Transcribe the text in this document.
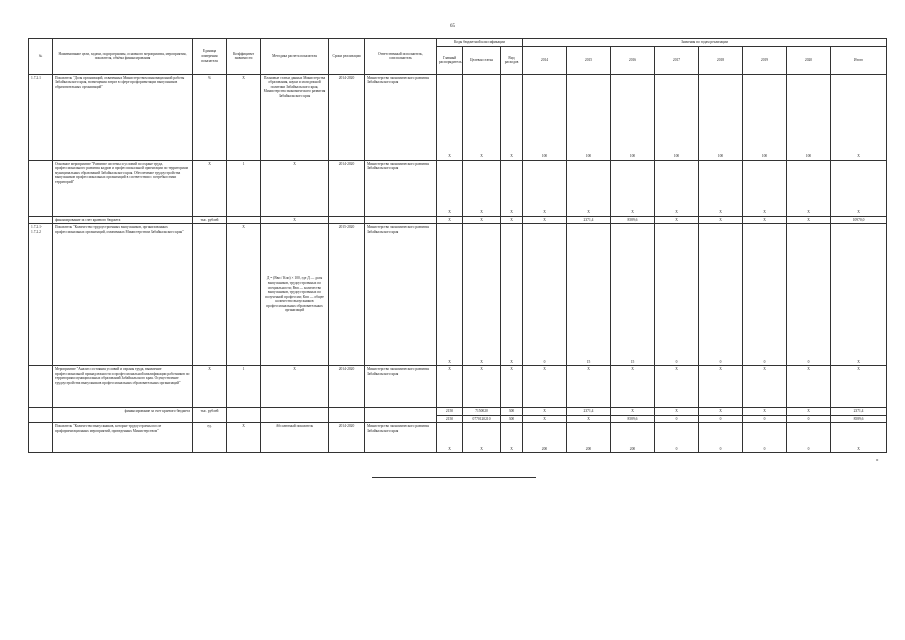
65
№	Наименование цели, задачи, подпрограммы, основного мероприятия, мероприятия, показателя, объёма финансирования	Единица измерения показателя	Коэффициент значимости	Методика расчета показателя	Сроки реализации	Ответственный исполнитель, соисполнитель	Коды бюджетной классификации			Значения по годам реализации							
							Главный распорядитель	Целевая статья	Вид расходов	2014	2015	2016	2017	2018	2019	2020	Итого
1.7.2.1	Показатель "Доля организаций, охваченных Министерством инновационной работы Забайкальского края, возмещения затрат в сфере профориентации выпускников образовательных организаций"	%	X	Плановые статьи данных Министерства образования, науки и молодежной политики Забайкальского края, Министерства экономического развития Забайкальского края	2014-2020	Министерство экономического развития Забайкальского края	X	X	X	100	100	100	100	100	100	100	X
	Основное мероприятие "Развитие системы и условий по охране труда, профессионального развития кадров и профессиональной ориентации по территориям муниципальных образований Забайкальского края. Обеспечение трудоустройства выпускников профессиональных организаций в соответствии с потребностями территорий"	X	1	X	2014-2020	Министерство экономического развития Забайкальского края	X	X	X	X	X	X	X	X	X	X	X
	финансирование за счет краевого бюджета	тыс. рублей		X			X	X	X	X	2371,4	8589,6	X	X	X	X	10970,0
1.7.2.1-1.7.2.2	Показатель "Количество трудоустроенных выпускников, организованных профессиональных организаций, охваченных Министерством Забайкальского края"		X	Д = (Ввп / Кпп) × 100, где Д — доля выпускников, трудоустроенных по специальности; Ввп — количество выпускников, трудоустроенных по полученной профессии; Кпп — общее количество выпускников профессиональных образовательных организаций	2015-2020	Министерство экономического развития Забайкальского края	X	X	X	0	15	15	0	0	0	0	X
	Мероприятие "Анализ состояния условий и охраны труда, выявление профессиональной принадлежности и профессиональной квалификации работников по территориям муниципальных образований Забайкальского края. Осуществление трудоустройства выпускников профессиональных образовательных организаций"	X	1	X	2014-2020	Министерство экономического развития Забайкальского края	X	X	X	X	X	X	X	X	X	X	X
	финансирование за счет краевого бюджета	тыс. рублей					2150	7150020	300	X	2371,4	X	X	X	X	X	2371,4
							2150	0770120210	300	X	X	8589,6	0	0	0	0	8589,6
	Показатель "Количество выпускников, которые трудоустроены после профориентационных мероприятий, проведенных Министерством"	ед.	X	Абсолютный показатель	2014-2020	Министерство экономического развития Забайкальского края	X	X	X	200	200	200	0	0	0	0	X
»
